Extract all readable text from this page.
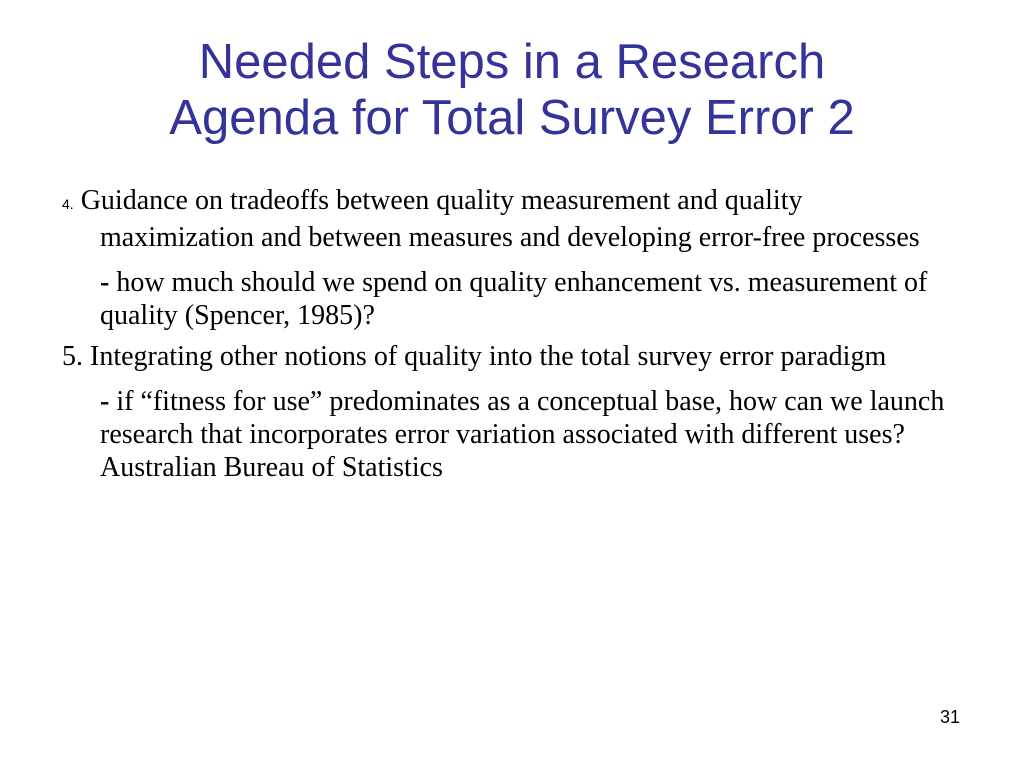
Needed Steps in a Research
Agenda for Total Survey Error 2

4. Guidance on tradeoffs between quality measurement and quality maximization and between measures and developing error-free processes

- how much should we spend on quality enhancement vs. measurement of quality (Spencer, 1985)?

5. Integrating other notions of quality into the total survey error paradigm

- if “fitness for use” predominates as a conceptual base, how can we launch research that incorporates error variation associated with different uses? Australian Bureau of Statistics

31
